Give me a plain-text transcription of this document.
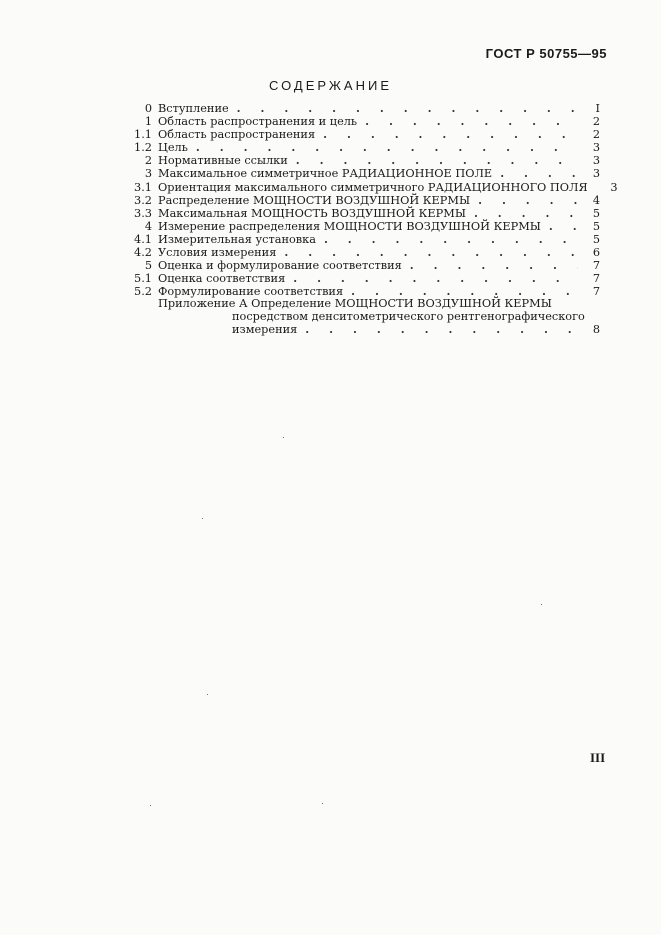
ГОСТ Р 50755—95
СОДЕРЖАНИЕ
0 Вступление . . .	I
1 Область распространения и цель . . .	2
1.1 Область распространения . . .	2
1.2 Цель . . .	3
2 Нормативные ссылки . . .	3
3 Максимальное симметричное РАДИАЦИОННОЕ ПОЛЕ . . .	3
3.1 Ориентация максимального симметричного РАДИАЦИОННОГО ПОЛЯ	3
3.2 Распределение МОЩНОСТИ ВОЗДУШНОЙ КЕРМЫ . . .	4
3.3 Максимальная МОЩНОСТЬ ВОЗДУШНОЙ КЕРМЫ . . .	5
4 Измерение распределения МОЩНОСТИ ВОЗДУШНОЙ КЕРМЫ . . .	5
4.1 Измерительная установка . . .	5
4.2 Условия измерения . . .	6
5 Оценка и формулирование соответствия . . .	7
5.1 Оценка соответствия . . .	7
5.2 Формулирование соответствия . . .	7
Приложение А Определение МОЩНОСТИ ВОЗДУШНОЙ КЕРМЫ
посредством денситометрического рентгенографического
измерения . . .	8
III
